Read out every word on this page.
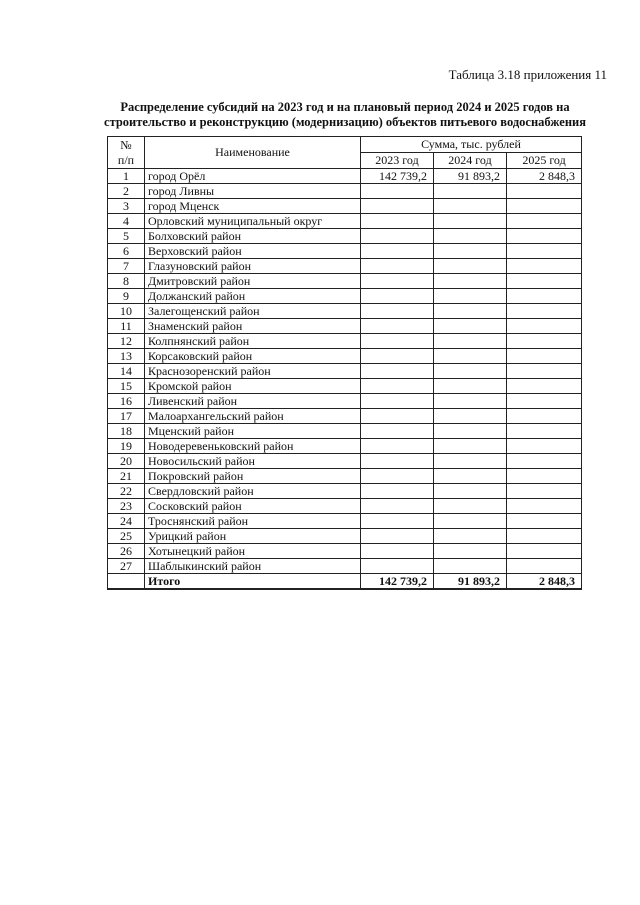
Таблица 3.18 приложения 11
Распределение субсидий на 2023 год и на плановый период 2024 и 2025 годов на
строительство и реконструкцию (модернизацию) объектов питьевого водоснабжения
№
п/п	Наименование	Сумма, тыс. рублей		
		2023 год	2024 год	2025 год
1	город Орёл	142 739,2	91 893,2	2 848,3
2	город Ливны			
3	город Мценск			
4	Орловский муниципальный округ			
5	Болховский район			
6	Верховский район			
7	Глазуновский район			
8	Дмитровский район			
9	Должанский район			
10	Залегощенский район			
11	Знаменский район			
12	Колпнянский район			
13	Корсаковский район			
14	Краснозоренский район			
15	Кромской район			
16	Ливенский район			
17	Малоархангельский район			
18	Мценский район			
19	Новодеревеньковский район			
20	Новосильский район			
21	Покровский район			
22	Свердловский район			
23	Сосковский район			
24	Троснянский район			
25	Урицкий район			
26	Хотынецкий район			
27	Шаблыкинский район			
	Итого	142 739,2	91 893,2	2 848,3
